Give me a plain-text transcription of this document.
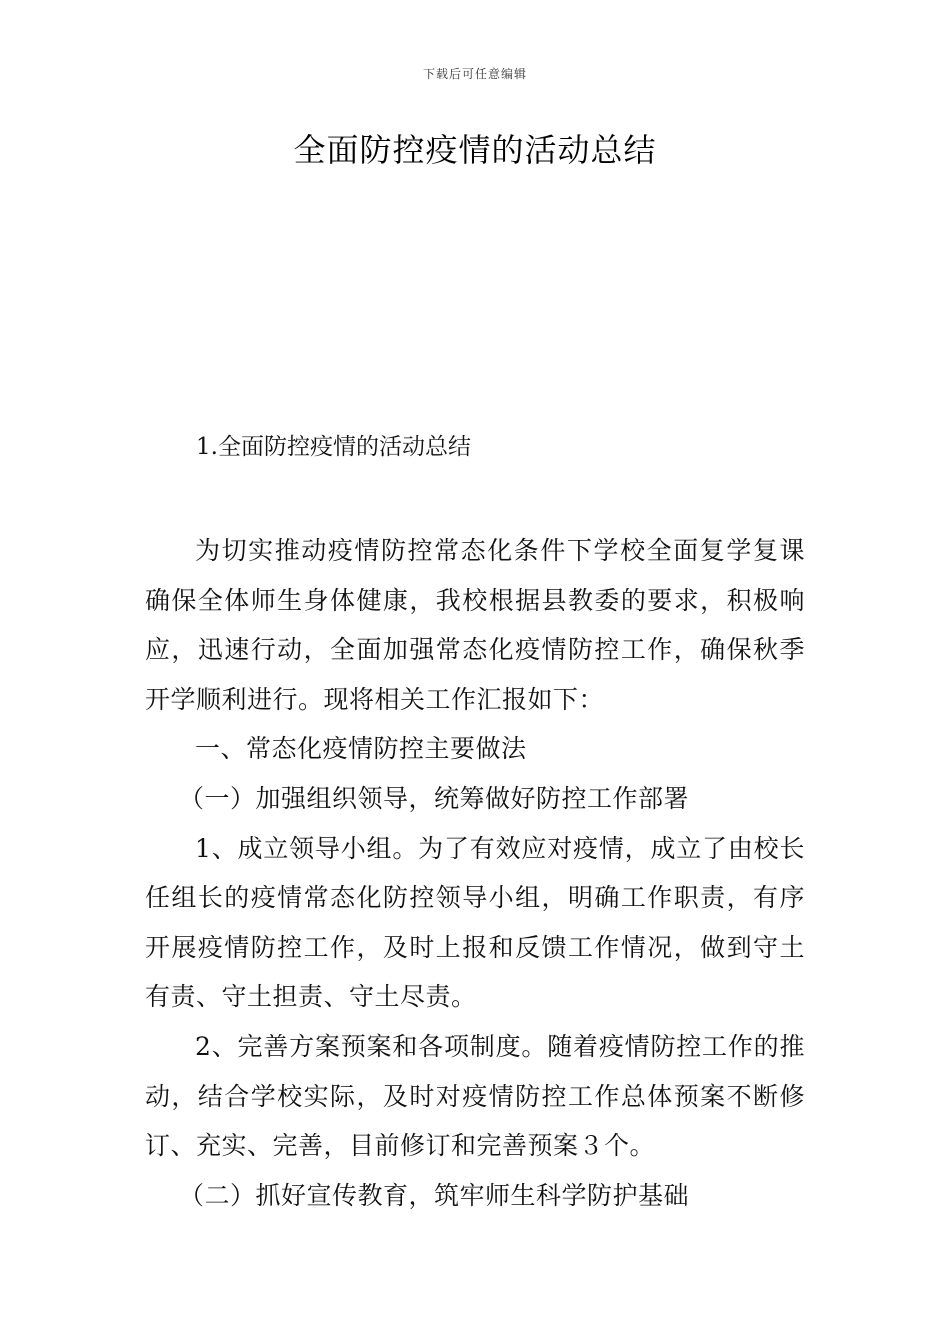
下载后可任意编辑
全面防控疫情的活动总结
1.全面防控疫情的活动总结

为切实推动疫情防控常态化条件下学校全面复学复课确保全体师生身体健康，我校根据县教委的要求，积极响应，迅速行动，全面加强常态化疫情防控工作，确保秋季开学顺利进行。现将相关工作汇报如下：

一、常态化疫情防控主要做法

（一）加强组织领导，统筹做好防控工作部署

1、成立领导小组。为了有效应对疫情，成立了由校长任组长的疫情常态化防控领导小组，明确工作职责，有序开展疫情防控工作，及时上报和反馈工作情况，做到守土有责、守土担责、守土尽责。

2、完善方案预案和各项制度。随着疫情防控工作的推动，结合学校实际，及时对疫情防控工作总体预案不断修订、充实、完善，目前修订和完善预案３个。

（二）抓好宣传教育，筑牢师生科学防护基础
